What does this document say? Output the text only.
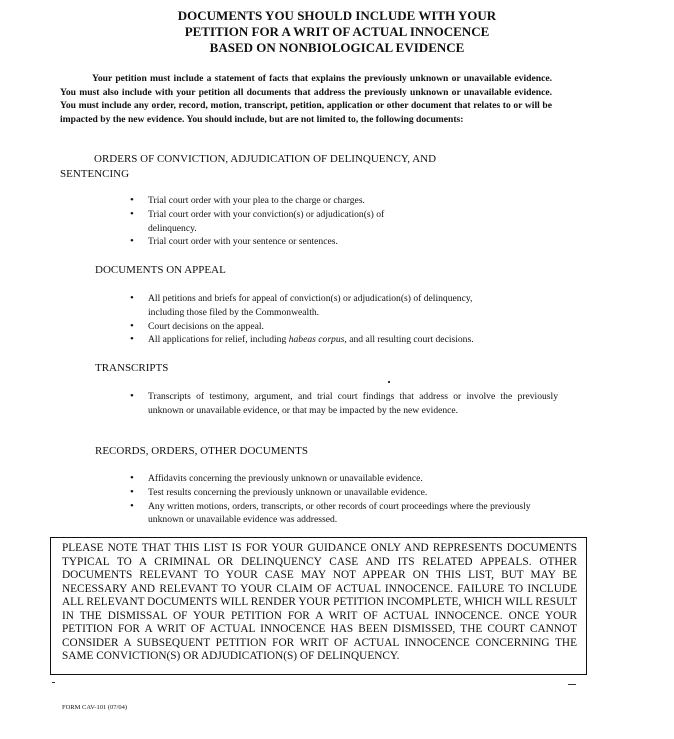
DOCUMENTS YOU SHOULD INCLUDE WITH YOUR
PETITION FOR A WRIT OF ACTUAL INNOCENCE
BASED ON NONBIOLOGICAL EVIDENCE
Your petition must include a statement of facts that explains the previously unknown or unavailable evidence. You must also include with your petition all documents that address the previously unknown or unavailable evidence. You must include any order, record, motion, transcript, petition, application or other document that relates to or will be impacted by the new evidence. You should include, but are not limited to, the following documents:
ORDERS OF CONVICTION, ADJUDICATION OF DELINQUENCY, AND SENTENCING
• Trial court order with your plea to the charge or charges.
• Trial court order with your conviction(s) or adjudication(s) of delinquency.
• Trial court order with your sentence or sentences.
DOCUMENTS ON APPEAL
• All petitions and briefs for appeal of conviction(s) or adjudication(s) of delinquency, including those filed by the Commonwealth.
• Court decisions on the appeal.
• All applications for relief, including habeas corpus, and all resulting court decisions.
TRANSCRIPTS
• Transcripts of testimony, argument, and trial court findings that address or involve the previously unknown or unavailable evidence, or that may be impacted by the new evidence.
RECORDS, ORDERS, OTHER DOCUMENTS
• Affidavits concerning the previously unknown or unavailable evidence.
• Test results concerning the previously unknown or unavailable evidence.
• Any written motions, orders, transcripts, or other records of court proceedings where the previously unknown or unavailable evidence was addressed.
PLEASE NOTE THAT THIS LIST IS FOR YOUR GUIDANCE ONLY AND REPRESENTS DOCUMENTS TYPICAL TO A CRIMINAL OR DELINQUENCY CASE AND ITS RELATED APPEALS. OTHER DOCUMENTS RELEVANT TO YOUR CASE MAY NOT APPEAR ON THIS LIST, BUT MAY BE NECESSARY AND RELEVANT TO YOUR CLAIM OF ACTUAL INNOCENCE. FAILURE TO INCLUDE ALL RELEVANT DOCUMENTS WILL RENDER YOUR PETITION INCOMPLETE, WHICH WILL RESULT IN THE DISMISSAL OF YOUR PETITION FOR A WRIT OF ACTUAL INNOCENCE. ONCE YOUR PETITION FOR A WRIT OF ACTUAL INNOCENCE HAS BEEN DISMISSED, THE COURT CANNOT CONSIDER A SUBSEQUENT PETITION FOR WRIT OF ACTUAL INNOCENCE CONCERNING THE SAME CONVICTION(S) OR ADJUDICATION(S) OF DELINQUENCY.
FORM CAV-101 (07/04)
